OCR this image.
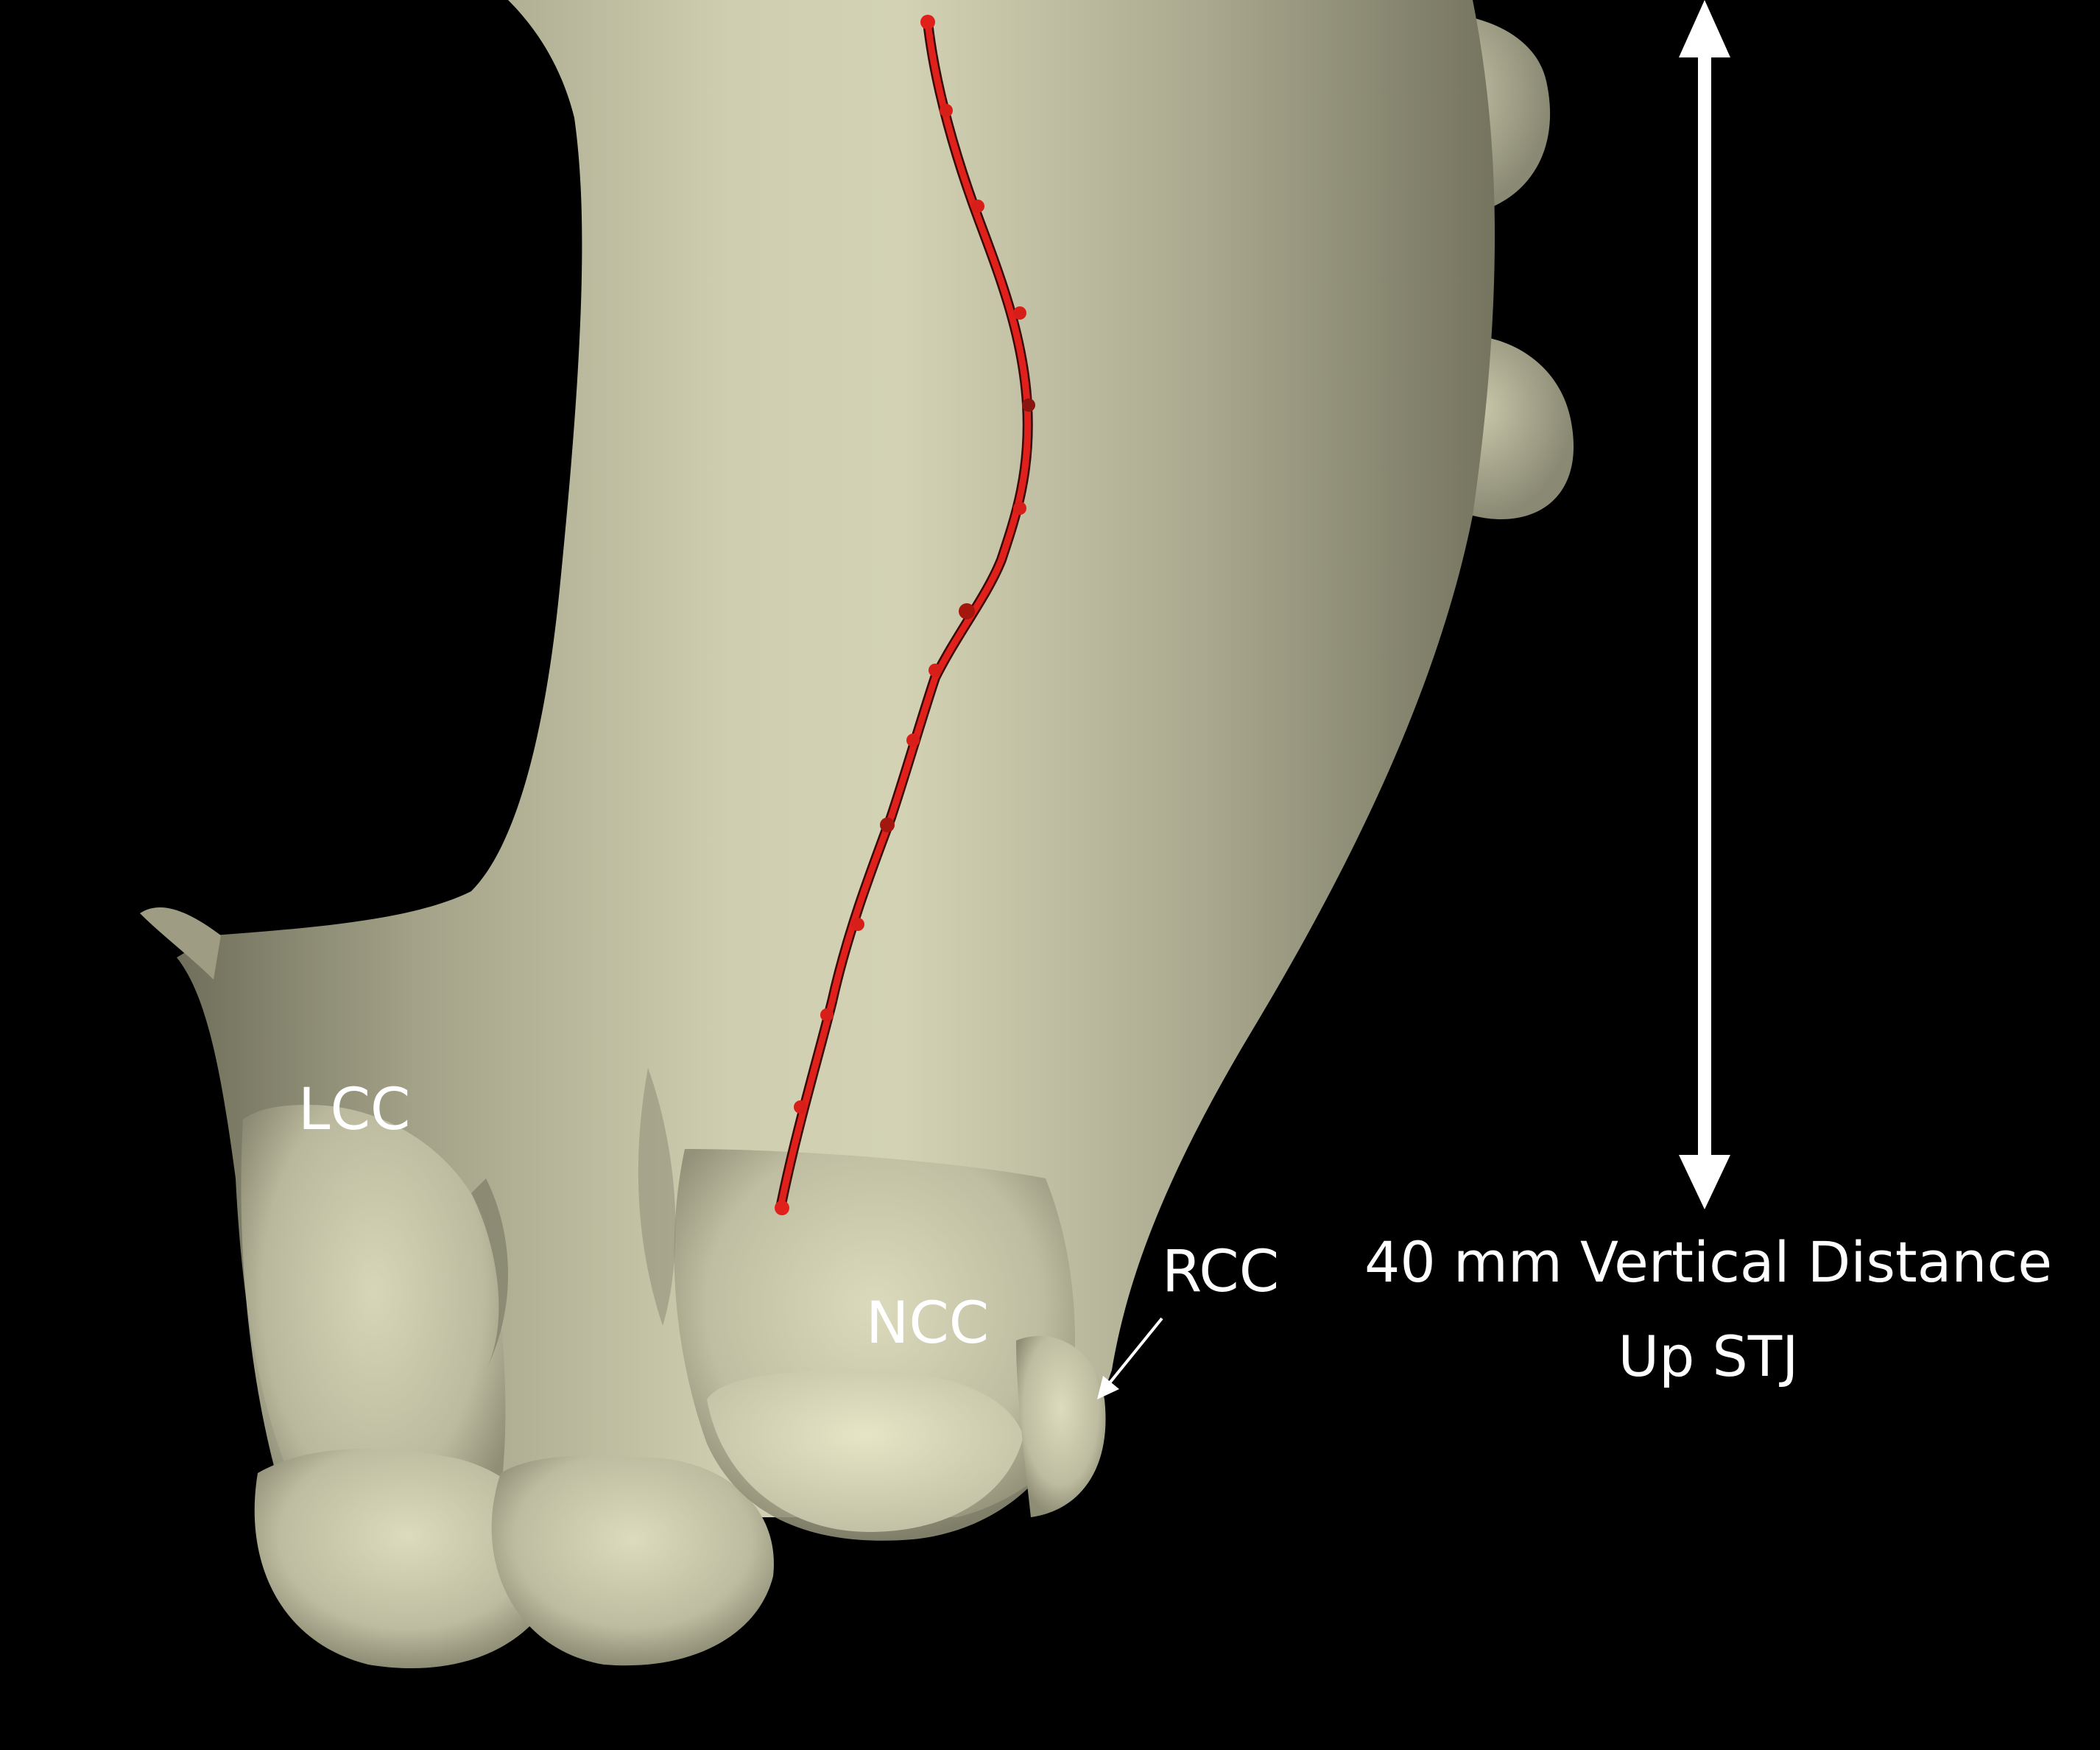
LCC
NCC
RCC	40 mm Vertical Distance
Up STJ
